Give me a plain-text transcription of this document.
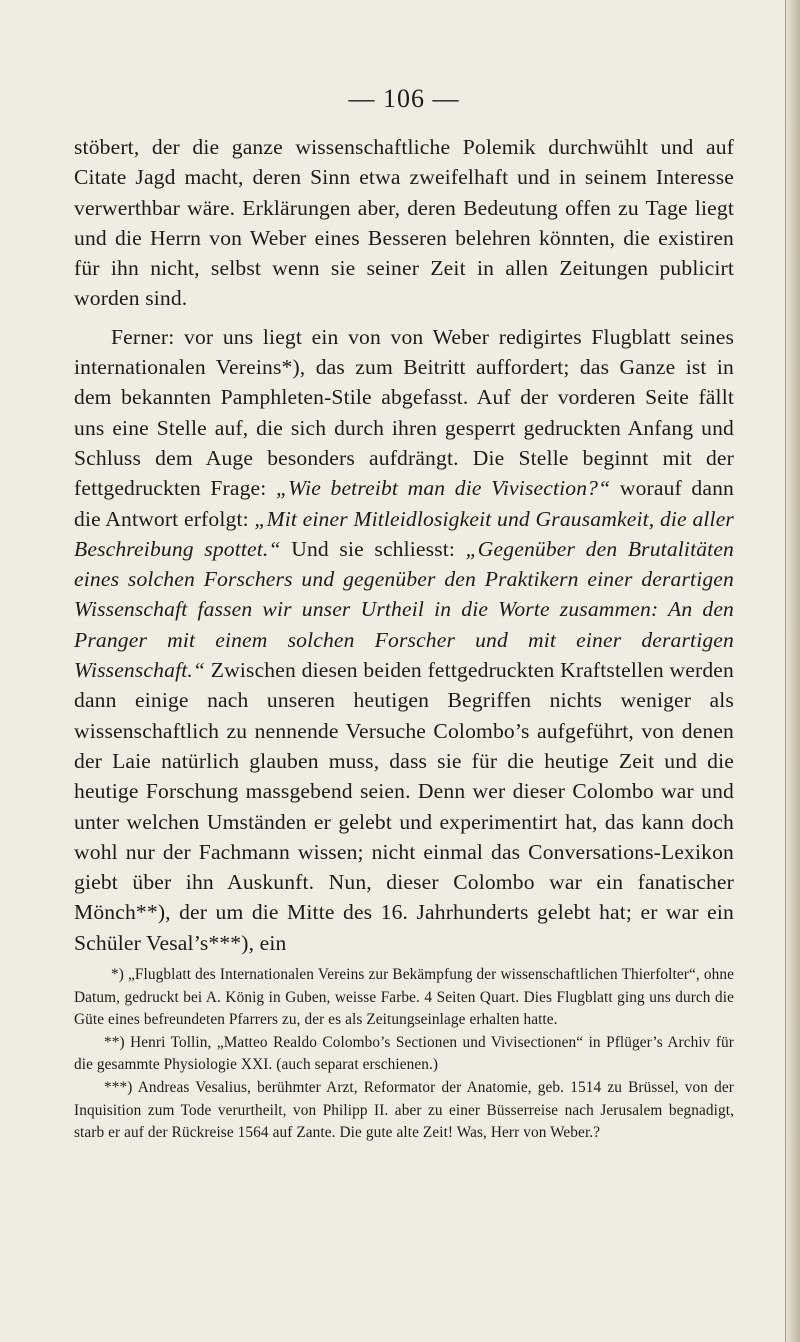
— 106 —

stöbert, der die ganze wissenschaftliche Polemik durchwühlt und auf Citate Jagd macht, deren Sinn etwa zweifelhaft und in seinem Interesse verwerthbar wäre. Erklärungen aber, deren Bedeutung offen zu Tage liegt und die Herrn von Weber eines Besseren belehren könnten, die existiren für ihn nicht, selbst wenn sie seiner Zeit in allen Zeitungen publicirt worden sind.

Ferner: vor uns liegt ein von von Weber redigirtes Flugblatt seines internationalen Vereins*), das zum Beitritt auffordert; das Ganze ist in dem bekannten Pamphleten-Stile abgefasst. Auf der vorderen Seite fällt uns eine Stelle auf, die sich durch ihren gesperrt gedruckten Anfang und Schluss dem Auge besonders aufdrängt. Die Stelle beginnt mit der fettgedruckten Frage: „Wie betreibt man die Vivisection?“ worauf dann die Antwort erfolgt: „Mit einer Mitleidlosigkeit und Grausamkeit, die aller Beschreibung spottet.“ Und sie schliesst: „Gegenüber den Brutalitäten eines solchen Forschers und gegenüber den Praktikern einer derartigen Wissenschaft fassen wir unser Urtheil in die Worte zusammen: An den Pranger mit einem solchen Forscher und mit einer derartigen Wissenschaft.“ Zwischen diesen beiden fettgedruckten Kraftstellen werden dann einige nach unseren heutigen Begriffen nichts weniger als wissenschaftlich zu nennende Versuche Colombo’s aufgeführt, von denen der Laie natürlich glauben muss, dass sie für die heutige Zeit und die heutige Forschung massgebend seien. Denn wer dieser Colombo war und unter welchen Umständen er gelebt und experimentirt hat, das kann doch wohl nur der Fachmann wissen; nicht einmal das Conversations-Lexikon giebt über ihn Auskunft. Nun, dieser Colombo war ein fanatischer Mönch**), der um die Mitte des 16. Jahrhunderts gelebt hat; er war ein Schüler Vesal’s***), ein

*) „Flugblatt des Internationalen Vereins zur Bekämpfung der wissenschaftlichen Thierfolter“, ohne Datum, gedruckt bei A. König in Guben, weisse Farbe. 4 Seiten Quart. Dies Flugblatt ging uns durch die Güte eines befreundeten Pfarrers zu, der es als Zeitungseinlage erhalten hatte.

**) Henri Tollin, „Matteo Realdo Colombo’s Sectionen und Vivisectionen“ in Pflüger’s Archiv für die gesammte Physiologie XXI. (auch separat erschienen.)

***) Andreas Vesalius, berühmter Arzt, Reformator der Anatomie, geb. 1514 zu Brüssel, von der Inquisition zum Tode verurtheilt, von Philipp II. aber zu einer Büsserreise nach Jerusalem begnadigt, starb er auf der Rückreise 1564 auf Zante. Die gute alte Zeit! Was, Herr von Weber.?
